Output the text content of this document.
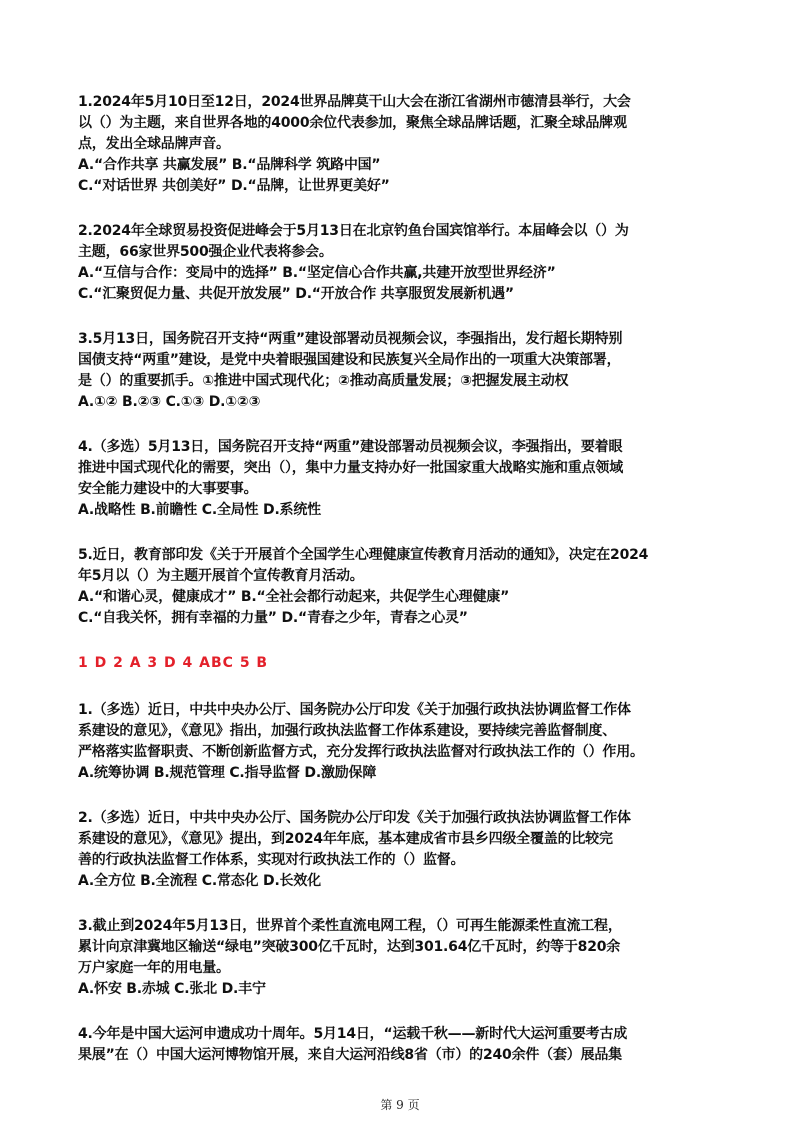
1.2024年5月10日至12日，2024世界品牌莫干山大会在浙江省湖州市德清县举行，大会
以（）为主题，来自世界各地的4000余位代表参加，聚焦全球品牌话题，汇聚全球品牌观
点，发出全球品牌声音。
A.“合作共享 共赢发展” B.“品牌科学 筑路中国”
C.“对话世界 共创美好” D.“品牌，让世界更美好”
2.2024年全球贸易投资促进峰会于5月13日在北京钓鱼台国宾馆举行。本届峰会以（）为
主题，66家世界500强企业代表将参会。
A.“互信与合作：变局中的选择” B.“坚定信心合作共赢,共建开放型世界经济”
C.“汇聚贸促力量、共促开放发展” D.“开放合作 共享服贸发展新机遇”
3.5月13日，国务院召开支持“两重”建设部署动员视频会议，李强指出，发行超长期特别
国债支持“两重”建设，是党中央着眼强国建设和民族复兴全局作出的一项重大决策部署，
是（）的重要抓手。①推进中国式现代化；②推动高质量发展；③把握发展主动权
A.①② B.②③ C.①③ D.①②③
4.（多选）5月13日，国务院召开支持“两重”建设部署动员视频会议，李强指出，要着眼
推进中国式现代化的需要，突出（），集中力量支持办好一批国家重大战略实施和重点领域
安全能力建设中的大事要事。
A.战略性 B.前瞻性 C.全局性 D.系统性
5.近日，教育部印发《关于开展首个全国学生心理健康宣传教育月活动的通知》，决定在2024
年5月以（）为主题开展首个宣传教育月活动。
A.“和谐心灵，健康成才” B.“全社会都行动起来，共促学生心理健康”
C.“自我关怀，拥有幸福的力量” D.“青春之少年，青春之心灵”
1 D 2 A 3 D 4 ABC 5 B
1.（多选）近日，中共中央办公厅、国务院办公厅印发《关于加强行政执法协调监督工作体
系建设的意见》，《意见》指出，加强行政执法监督工作体系建设，要持续完善监督制度、
严格落实监督职责、不断创新监督方式，充分发挥行政执法监督对行政执法工作的（）作用。
A.统筹协调 B.规范管理 C.指导监督 D.激励保障
2.（多选）近日，中共中央办公厅、国务院办公厅印发《关于加强行政执法协调监督工作体
系建设的意见》，《意见》提出，到2024年年底，基本建成省市县乡四级全覆盖的比较完
善的行政执法监督工作体系，实现对行政执法工作的（）监督。
A.全方位 B.全流程 C.常态化 D.长效化
3.截止到2024年5月13日，世界首个柔性直流电网工程，（）可再生能源柔性直流工程，
累计向京津冀地区输送“绿电”突破300亿千瓦时，达到301.64亿千瓦时，约等于820余
万户家庭一年的用电量。
A.怀安 B.赤城 C.张北 D.丰宁
4.今年是中国大运河申遗成功十周年。5月14日，“运载千秋——新时代大运河重要考古成
果展”在（）中国大运河博物馆开展，来自大运河沿线8省（市）的240余件（套）展品集
第 9 页
